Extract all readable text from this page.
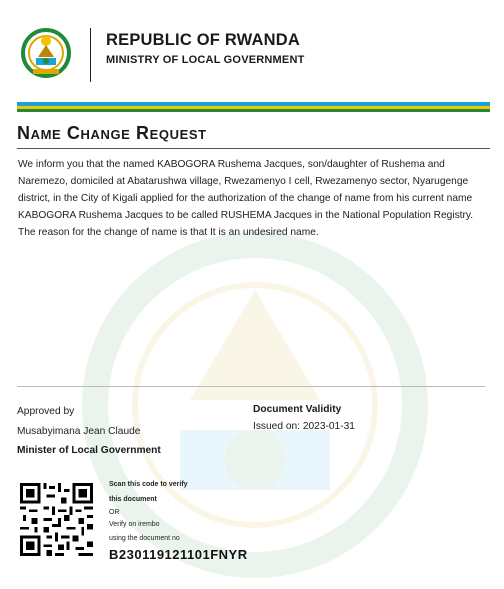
REPUBLIC OF RWANDA
MINISTRY OF LOCAL GOVERNMENT
Name Change Request

We inform you that the named KABOGORA Rushema Jacques, son/daughter of Rushema and Naremezo, domiciled at Abatarushwa village, Rwezamenyo I cell, Rwezamenyo sector, Nyarugenge district, in the City of Kigali applied for the authorization of the change of name from his current name KABOGORA Rushema Jacques to be called RUSHEMA Jacques in the National Population Registry. The reason for the change of name is that It is an undesired name.

Approved by
Musabyimana Jean Claude
Minister of Local Government
Document Validity
Issued on: 2023-01-31
Scan this code to verify
this document
OR
Verify on irembo
using the document no
B230119121101FNYR
